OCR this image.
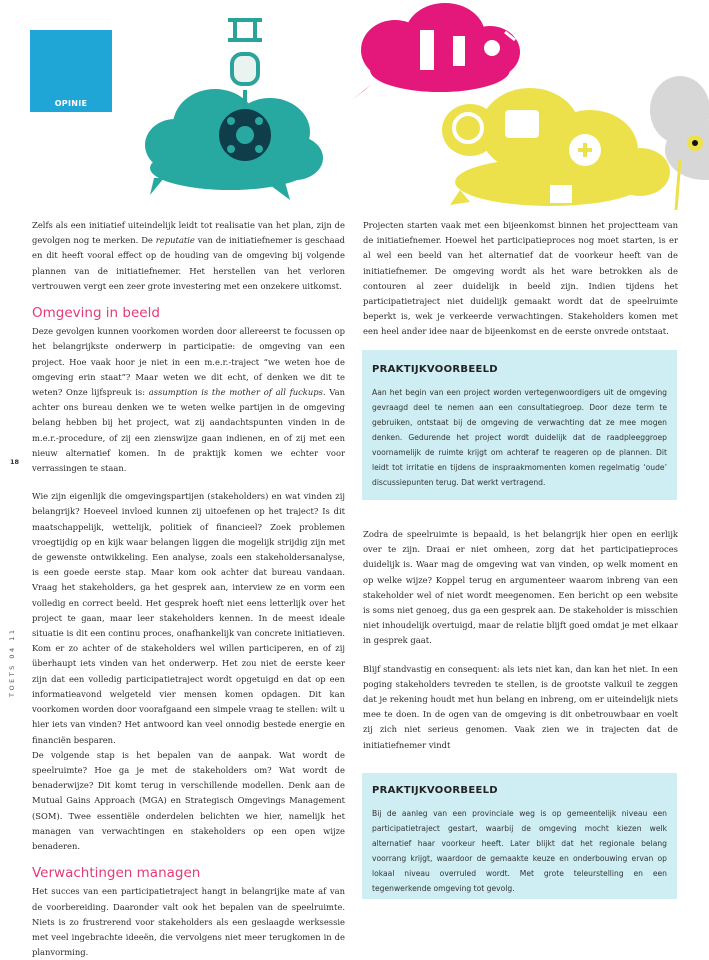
OPINIE

Zelfs als een initiatief uiteindelijk leidt tot realisatie van het plan, zijn de gevolgen nog te merken. De reputatie van de initiatiefnemer is geschaad en dit heeft vooral effect op de houding van de omgeving bij volgende plannen van de initiatiefnemer. Het herstellen van het verloren vertrouwen vergt een zeer grote investering met een onzekere uitkomst.

Omgeving in beeld

Deze gevolgen kunnen voorkomen worden door allereerst te focussen op het belangrijkste onderwerp in participatie: de omgeving van een project. Hoe vaak hoor je niet in een m.e.r.-traject “we weten hoe de omgeving erin staat”? Maar weten we dit echt, of denken we dit te weten? Onze lijfspreuk is: assumption is the mother of all fuckups. Van achter ons bureau denken we te weten welke partijen in de omgeving belang hebben bij het project, wat zij aandachtspunten vinden in de m.e.r.-procedure, of zij een zienswijze gaan indienen, en of zij met een nieuw alternatief komen. In de praktijk komen we echter voor verrassingen te staan.

Wie zijn eigenlijk die omgevingspartijen (stakeholders) en wat vinden zij belangrijk? Hoeveel invloed kunnen zij uitoefenen op het traject? Is dit maatschappelijk, wettelijk, politiek of financieel? Zoek problemen vroegtijdig op en kijk waar belangen liggen die mogelijk strijdig zijn met de gewenste ontwikkeling. Een analyse, zoals een stakeholdersanalyse, is een goede eerste stap. Maar kom ook achter dat bureau vandaan. Vraag het stakeholders, ga het gesprek aan, interview ze en vorm een volledig en correct beeld. Het gesprek hoeft niet eens letterlijk over het project te gaan, maar leer stakeholders kennen. In de meest ideale situatie is dit een continu proces, onafhankelijk van concrete initiatieven. Kom er zo achter of de stakeholders wel willen participeren, en of zij überhaupt iets vinden van het onderwerp. Het zou niet de eerste keer zijn dat een volledig participatietraject wordt opgetuigd en dat op een informatieavond welgeteld vier mensen komen opdagen. Dit kan voorkomen worden door voorafgaand een simpele vraag te stellen: wilt u hier iets van vinden? Het antwoord kan veel onnodig bestede energie en financiën besparen.

De volgende stap is het bepalen van de aanpak. Wat wordt de speelruimte? Hoe ga je met de stakeholders om? Wat wordt de benaderwijze? Dit komt terug in verschillende modellen. Denk aan de Mutual Gains Approach (MGA) en Strategisch Omgevings Management (SOM). Twee essentiële onderdelen belichten we hier, namelijk het managen van verwachtingen en stakeholders op een open wijze benaderen.

Verwachtingen managen

Het succes van een participatietraject hangt in belangrijke mate af van de voorbereiding. Daaronder valt ook het bepalen van de speelruimte. Niets is zo frustrerend voor stakeholders als een geslaagde werksessie met veel ingebrachte ideeën, die vervolgens niet meer terugkomen in de planvorming.

Projecten starten vaak met een bijeenkomst binnen het projectteam van de initiatiefnemer. Hoewel het participatieproces nog moet starten, is er al wel een beeld van het alternatief dat de voorkeur heeft van de initiatiefnemer. De omgeving wordt als het ware betrokken als de contouren al zeer duidelijk in beeld zijn. Indien tijdens het participatietraject niet duidelijk gemaakt wordt dat de speelruimte beperkt is, wek je verkeerde verwachtingen. Stakeholders komen met een heel ander idee naar de bijeenkomst en de eerste onvrede ontstaat.

PRAKTIJKVOORBEELD

Aan het begin van een project worden vertegenwoordigers uit de omgeving gevraagd deel te nemen aan een consultatiegroep. Door deze term te gebruiken, ontstaat bij de omgeving de verwachting dat ze mee mogen denken. Gedurende het project wordt duidelijk dat de raadpleeggroep voornamelijk de ruimte krijgt om achteraf te reageren op de plannen. Dit leidt tot irritatie en tijdens de inspraakmomenten komen regelmatig ‘oude’ discussiepunten terug. Dat werkt vertragend.

Zodra de speelruimte is bepaald, is het belangrijk hier open en eerlijk over te zijn. Draai er niet omheen, zorg dat het participatieproces duidelijk is. Waar mag de omgeving wat van vinden, op welk moment en op welke wijze? Koppel terug en argumenteer waarom inbreng van een stakeholder wel of niet wordt meegenomen. Een bericht op een website is soms niet genoeg, dus ga een gesprek aan. De stakeholder is misschien niet inhoudelijk overtuigd, maar de relatie blijft goed omdat je met elkaar in gesprek gaat.

Blijf standvastig en consequent: als iets niet kan, dan kan het niet. In een poging stakeholders tevreden te stellen, is de grootste valkuil te zeggen dat je rekening houdt met hun belang en inbreng, om er uiteindelijk niets mee te doen. In de ogen van de omgeving is dit onbetrouwbaar en voelt zij zich niet serieus genomen. Vaak zien we in trajecten dat de initiatiefnemer vindt

PRAKTIJKVOORBEELD

Bij de aanleg van een provinciale weg is op gemeentelijk niveau een participatietraject gestart, waarbij de omgeving mocht kiezen welk alternatief haar voorkeur heeft. Later blijkt dat het regionale belang voorrang krijgt, waardoor de gemaakte keuze en onderbouwing ervan op lokaal niveau overruled wordt. Met grote teleurstelling en een tegenwerkende omgeving tot gevolg.

18
TOETS 04 11
